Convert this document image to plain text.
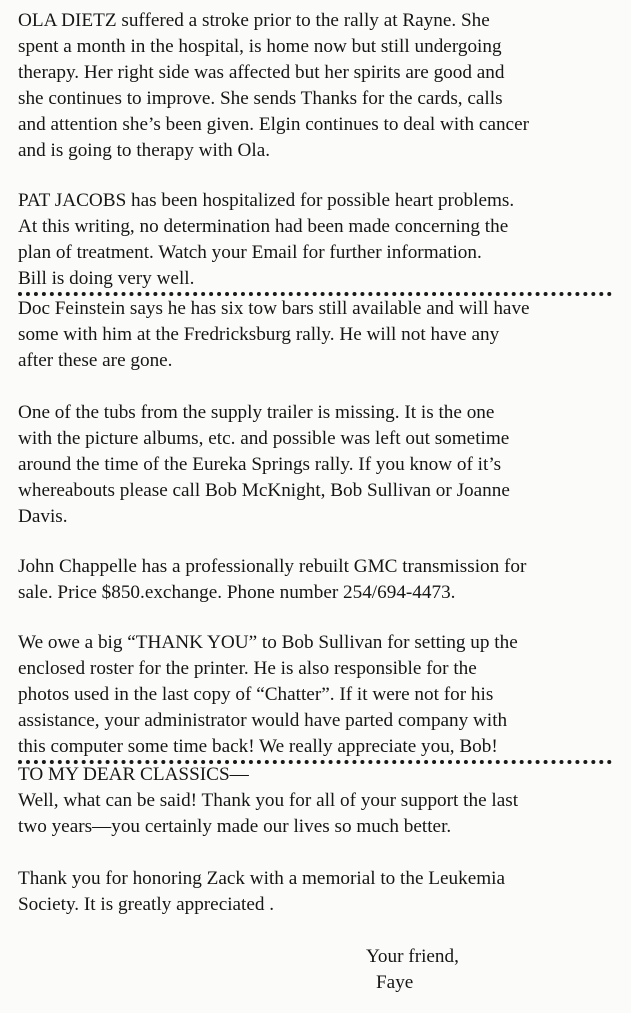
OLA DIETZ suffered a stroke prior to the rally at Rayne. She
spent a month in the hospital, is home now but still undergoing
therapy. Her right side was affected but her spirits are good and
she continues to improve. She sends Thanks for the cards, calls
and attention she’s been given. Elgin continues to deal with cancer
and is going to therapy with Ola.

PAT JACOBS has been hospitalized for possible heart problems.
At this writing, no determination had been made concerning the
plan of treatment. Watch your Email for further information.
Bill is doing very well.

Doc Feinstein says he has six tow bars still available and will have
some with him at the Fredricksburg rally. He will not have any
after these are gone.

One of the tubs from the supply trailer is missing. It is the one
with the picture albums, etc. and possible was left out sometime
around the time of the Eureka Springs rally. If you know of it’s
whereabouts please call Bob McKnight, Bob Sullivan or Joanne
Davis.

John Chappelle has a professionally rebuilt GMC transmission for
sale. Price $850.exchange. Phone number 254/694-4473.

We owe a big “THANK YOU” to Bob Sullivan for setting up the
enclosed roster for the printer. He is also responsible for the
photos used in the last copy of “Chatter”. If it were not for his
assistance, your administrator would have parted company with
this computer some time back! We really appreciate you, Bob!

TO MY DEAR CLASSICS—
Well, what can be said! Thank you for all of your support the last
two years—you certainly made our lives so much better.

Thank you for honoring Zack with a memorial to the Leukemia
Society. It is greatly appreciated .

Your friend,
Faye
